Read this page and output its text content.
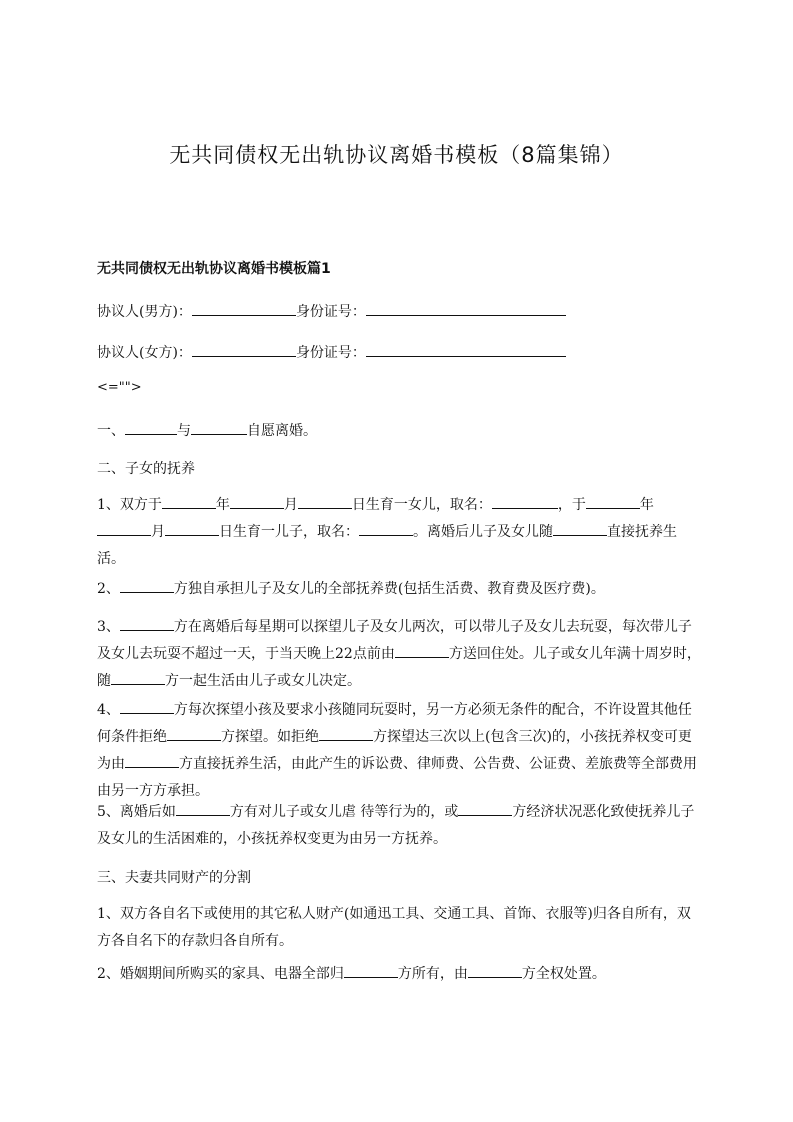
无共同债权无出轨协议离婚书模板（8篇集锦）
无共同债权无出轨协议离婚书模板篇1
协议人(男方)：	身份证号：
协议人(女方)：	身份证号：
<="">
一、	与	自愿离婚。
二、子女的抚养
1、双方于	年	月	日生育一女儿，取名：	，于	年月	日生育一儿子，取名：	。离婚后儿子及女儿随	直接抚养生活。
2、	方独自承担儿子及女儿的全部抚养费(包括生活费、教育费及医疗费)。
3、	方在离婚后每星期可以探望儿子及女儿两次，可以带儿子及女儿去玩耍，每次带儿子及女儿去玩耍不超过一天，于当天晚上22点前由	方送回住处。儿子或女儿年满十周岁时，随	方一起生活由儿子或女儿决定。
4、	方每次探望小孩及要求小孩随同玩耍时，另一方必须无条件的配合，不许设置其他任何条件拒绝	方探望。如拒绝	方探望达三次以上(包含三次)的，小孩抚养权变可更为由	方直接抚养生活，由此产生的诉讼费、律师费、公告费、公证费、差旅费等全部费用由另一方方承担。
5、离婚后如	方有对儿子或女儿虐 待等行为的，或	方经济状况恶化致使抚养儿子及女儿的生活困难的，小孩抚养权变更为由另一方抚养。
三、夫妻共同财产的分割
1、双方各自名下或使用的其它私人财产(如通迅工具、交通工具、首饰、衣服等)归各自所有，双方各自名下的存款归各自所有。
2、婚姻期间所购买的家具、电器全部归	方所有，由	方全权处置。
